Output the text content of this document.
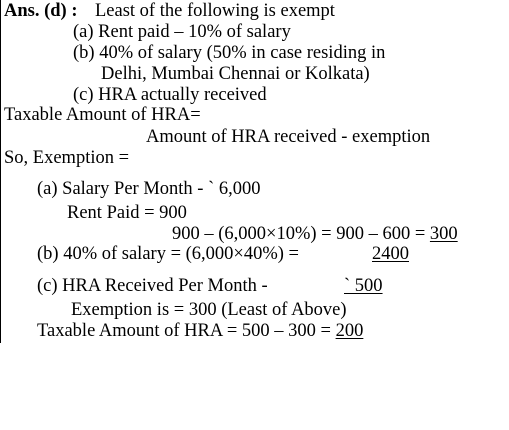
Ans. (d) : Least of the following is exempt
(a) Rent paid – 10% of salary
(b) 40% of salary (50% in case residing in
Delhi, Mumbai Chennai or Kolkata)
(c) HRA actually received
Taxable Amount of HRA=
Amount of HRA received - exemption
So, Exemption =
(a) Salary Per Month - ` 6,000
Rent Paid = 900
900 – (6,000×10%) = 900 – 600 = 300
(b) 40% of salary = (6,000×40%) =	2400
(c) HRA Received Per Month -	` 500
Exemption is = 300 (Least of Above)
Taxable Amount of HRA = 500 – 300 = 200
